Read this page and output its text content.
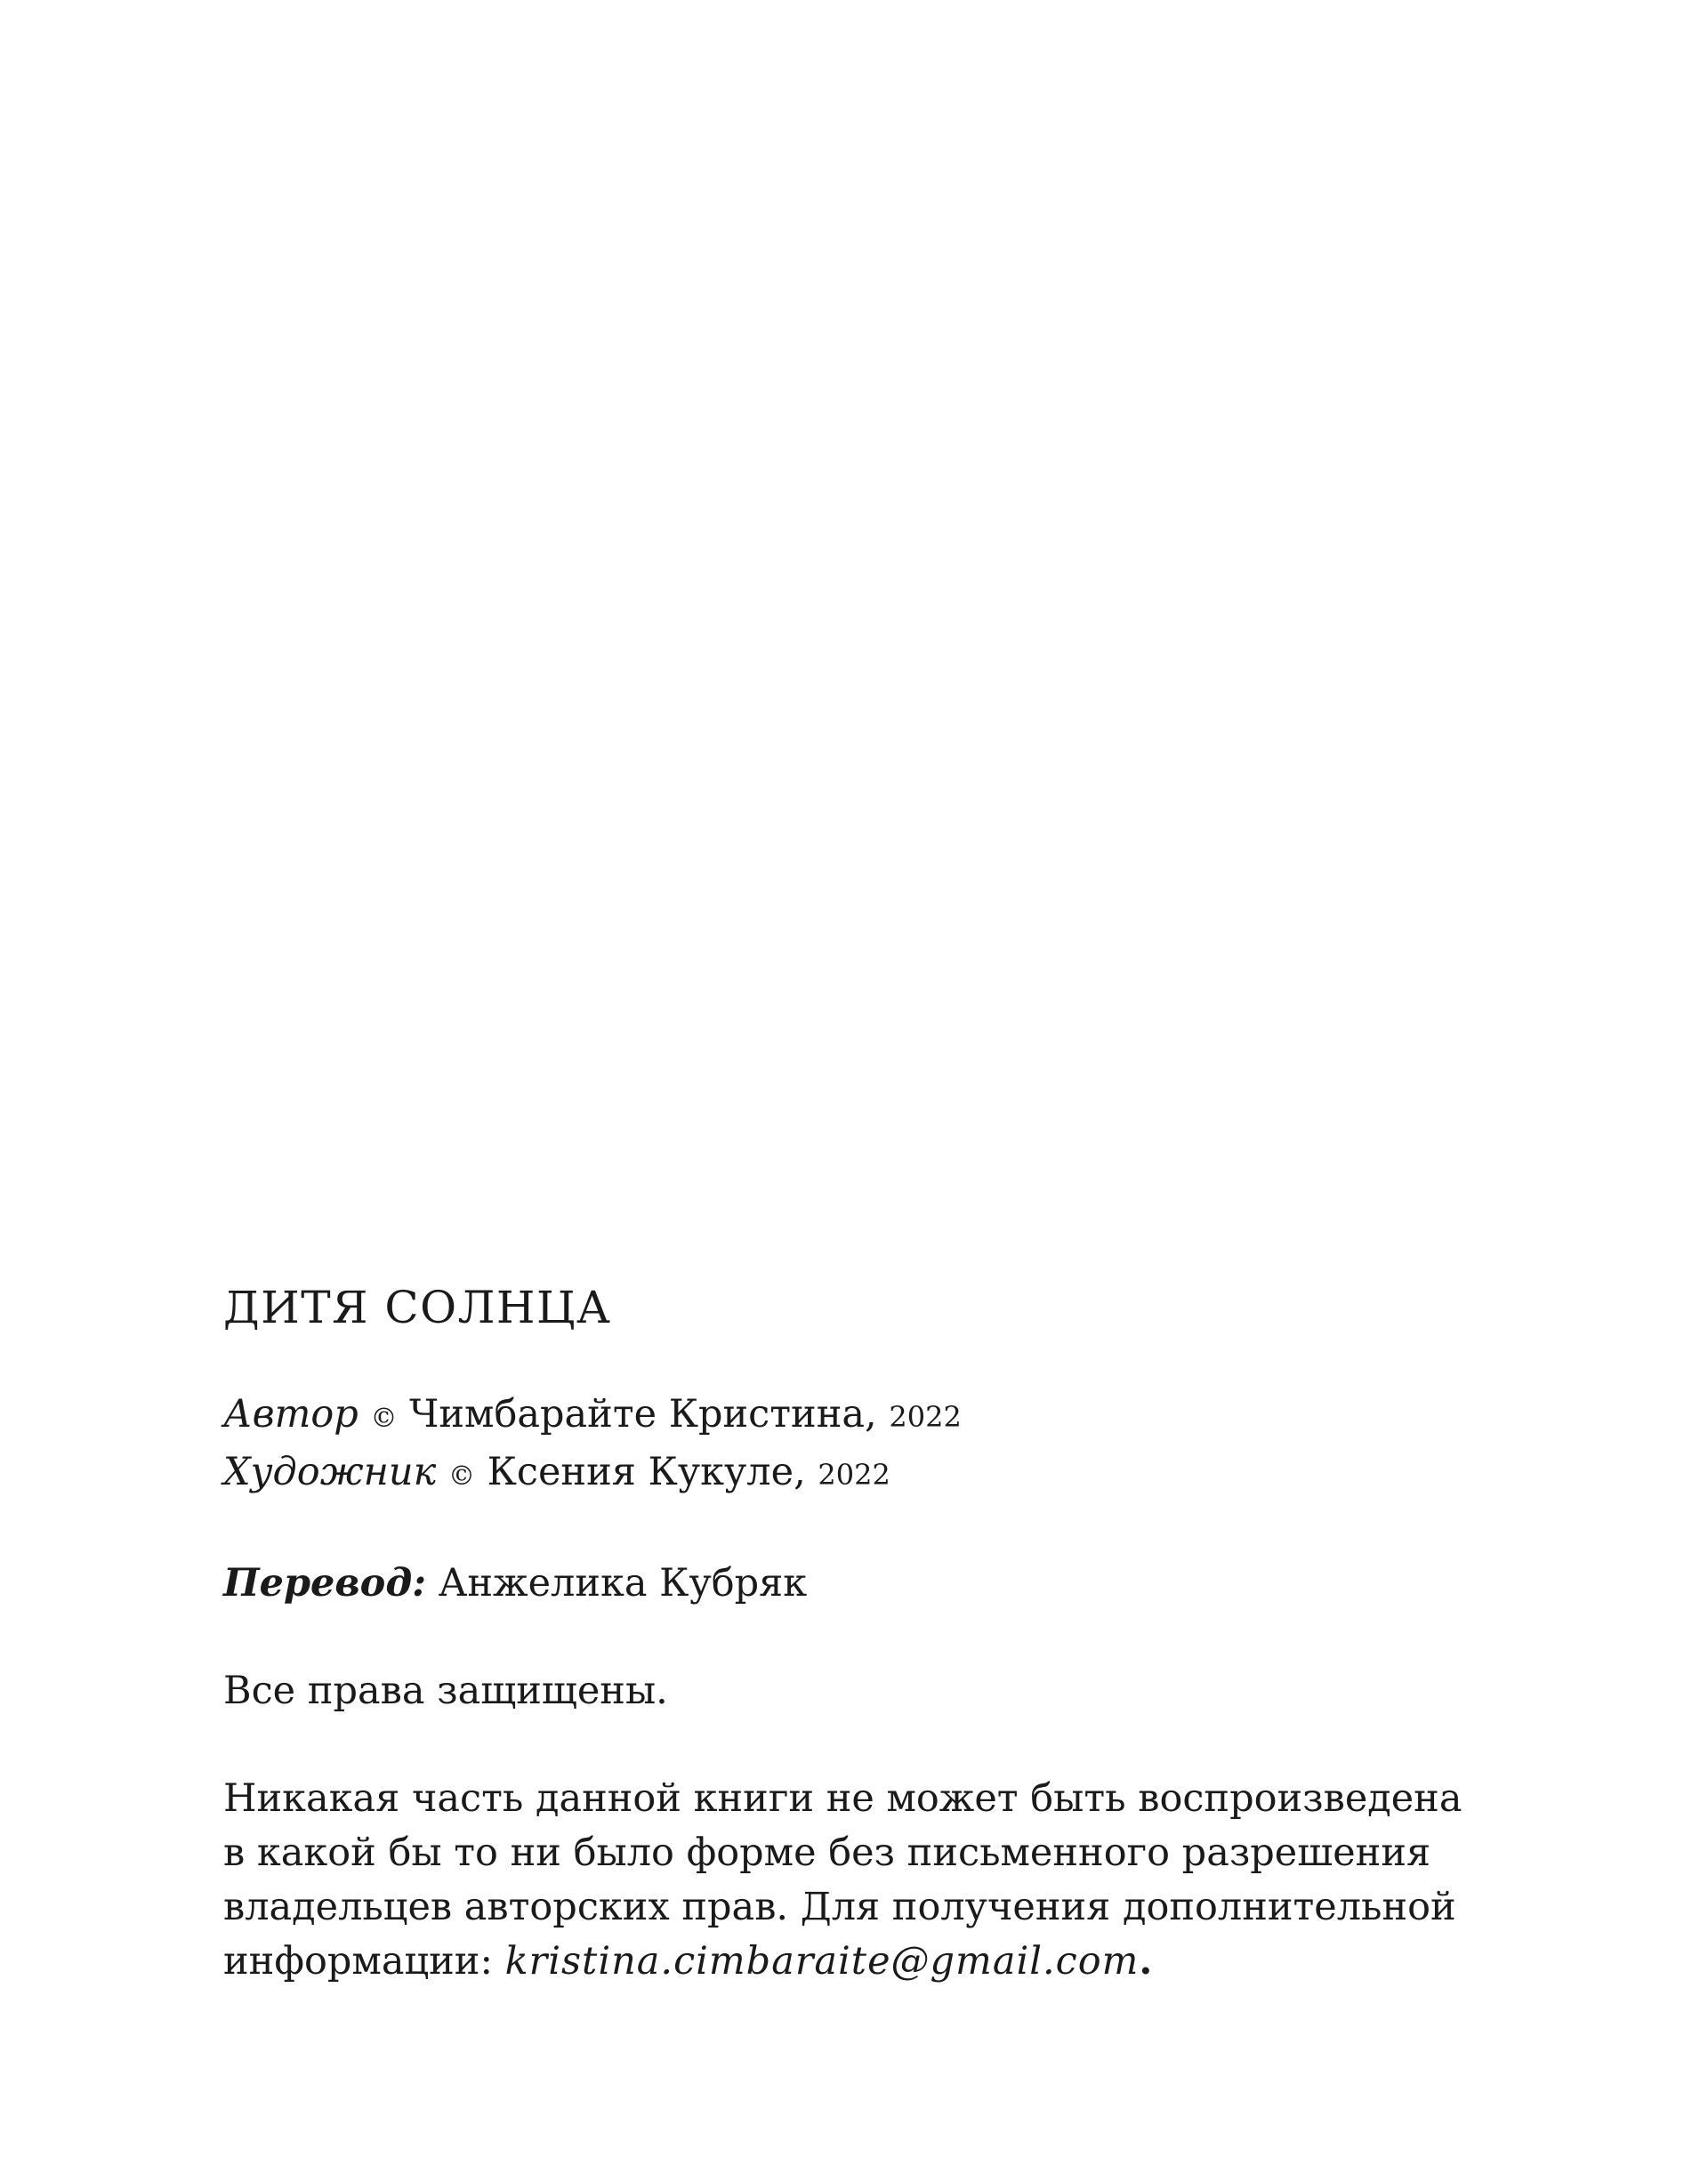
ДИТЯ СОЛНЦА

Автор © Чимбарайте Кристина, 2022

Художник © Ксения Кукуле, 2022

Перевод: Анжелика Кубряк

Все права защищены.

Никакая часть данной книги не может быть воспроизведена
в какой бы то ни было форме без письменного разрешения
владельцев авторских прав. Для получения дополнительной
информации: kristina.cimbaraite@gmail.com.
